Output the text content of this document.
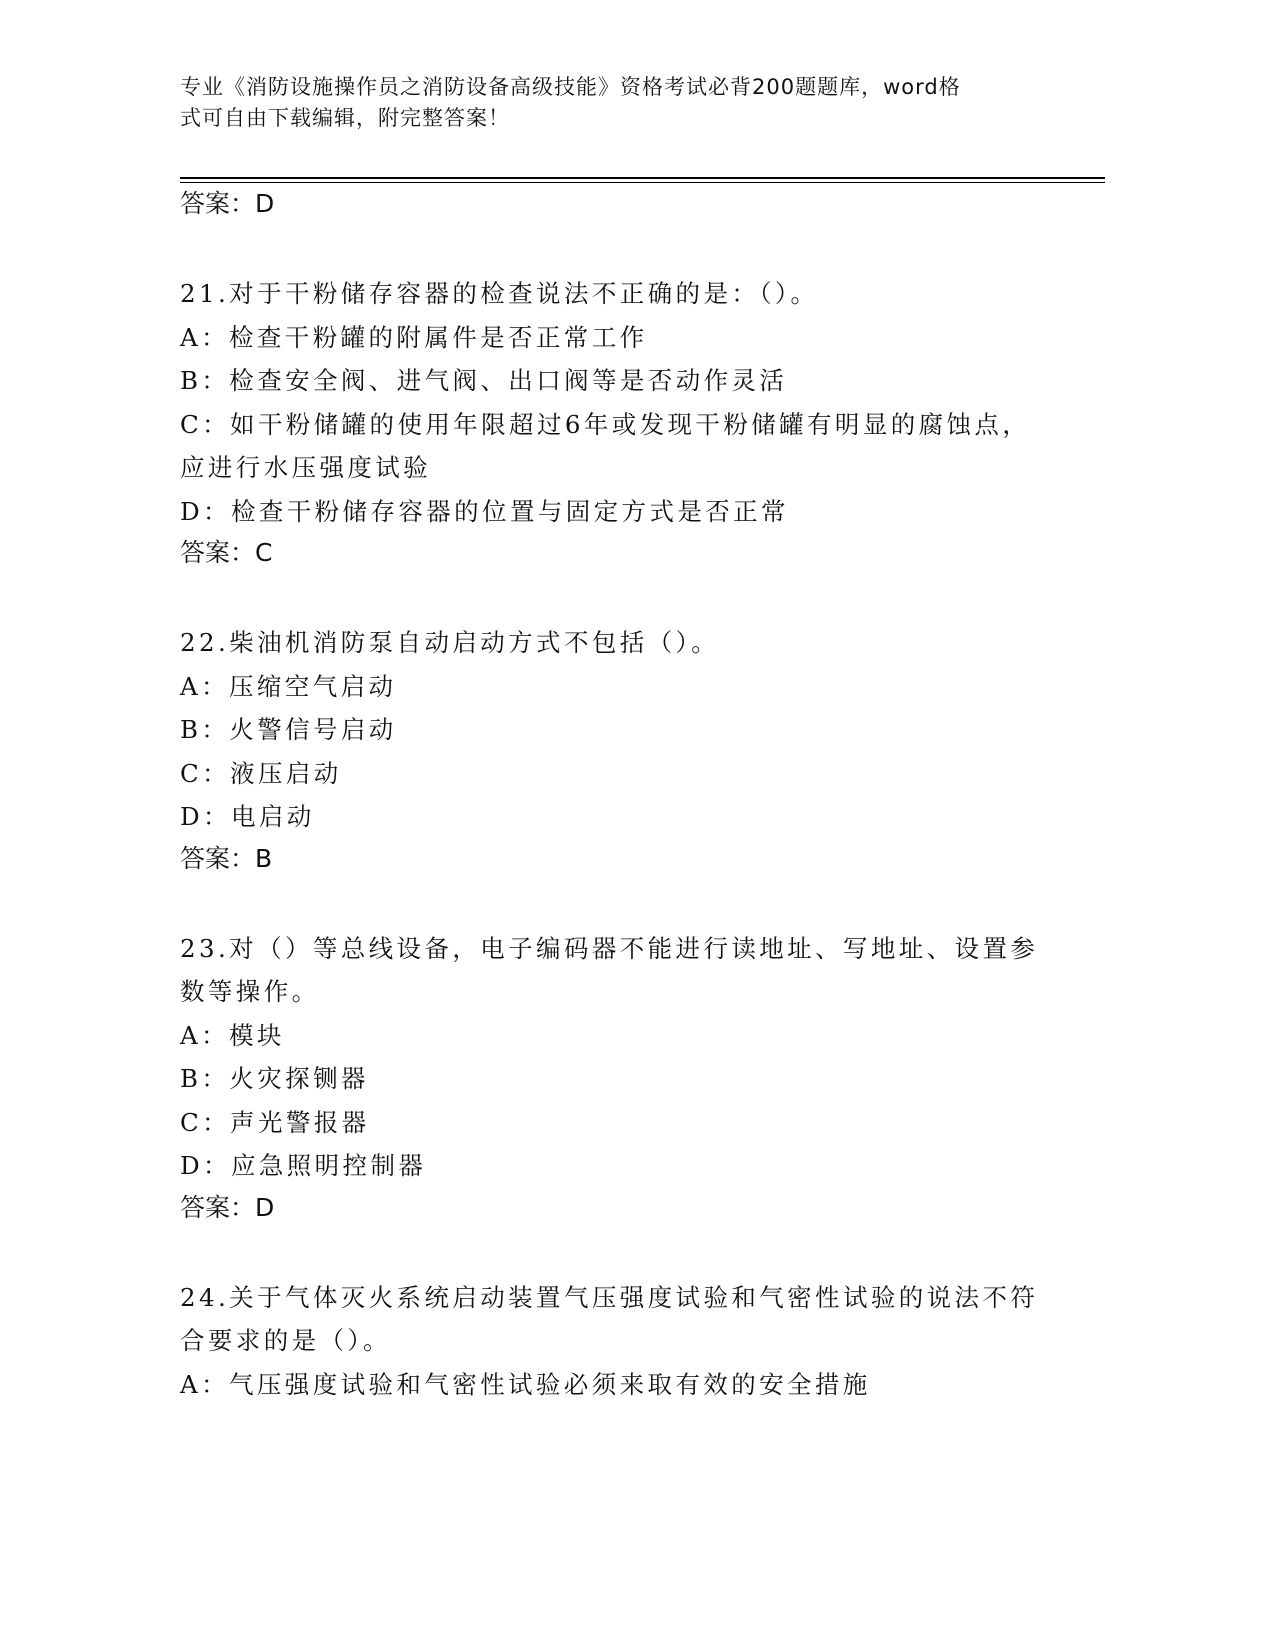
专业《消防设施操作员之消防设备高级技能》资格考试必背200题题库，word格
式可自由下载编辑，附完整答案！
答案：D
21.对于干粉储存容器的检查说法不正确的是：（）。
A：检查干粉罐的附属件是否正常工作
B：检查安全阀、进气阀、出口阀等是否动作灵活
C：如干粉储罐的使用年限超过6年或发现干粉储罐有明显的腐蚀点，
应进行水压强度试验
D：检查干粉储存容器的位置与固定方式是否正常
答案：C
22.柴油机消防泵自动启动方式不包括（）。
A：压缩空气启动
B：火警信号启动
C：液压启动
D：电启动
答案：B
23.对（）等总线设备，电子编码器不能进行读地址、写地址、设置参
数等操作。
A：模块
B：火灾探铡器
C：声光警报器
D：应急照明控制器
答案：D
24.关于气体灭火系统启动装置气压强度试验和气密性试验的说法不符
合要求的是（）。
A：气压强度试验和气密性试验必须来取有效的安全措施
